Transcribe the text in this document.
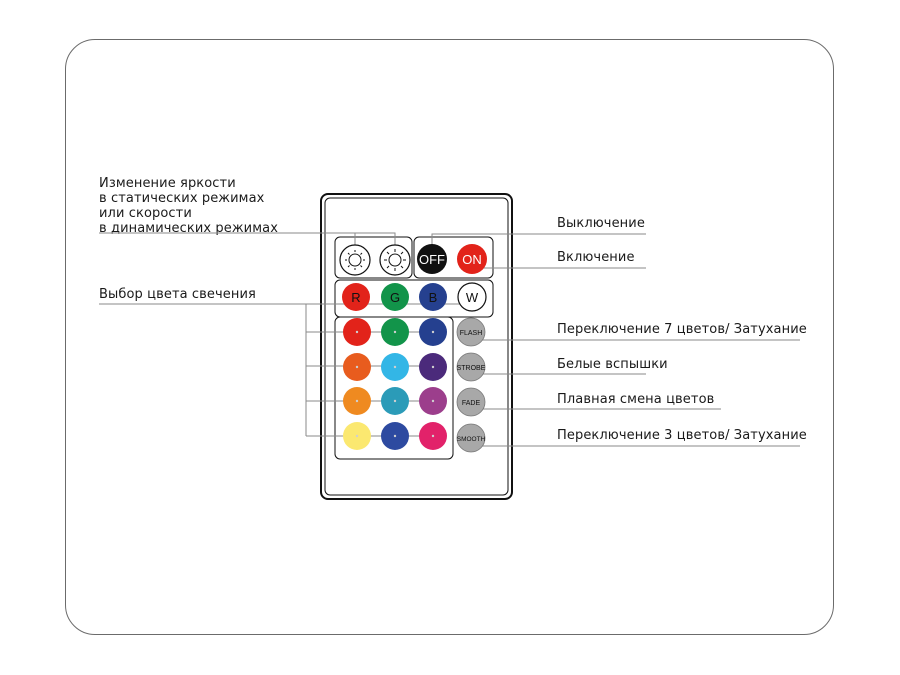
Изменение яркости
в статических режимах
или скорости
в динамических режимах
Выбор цвета свечения
Выключение
Включение
Переключение 7 цветов/ Затухание
Белые вспышки
Плавная смена цветов
Переключение 3 цветов/ Затухание
OFF ON
R G B W
FLASH
STROBE
FADE
SMOOTH
